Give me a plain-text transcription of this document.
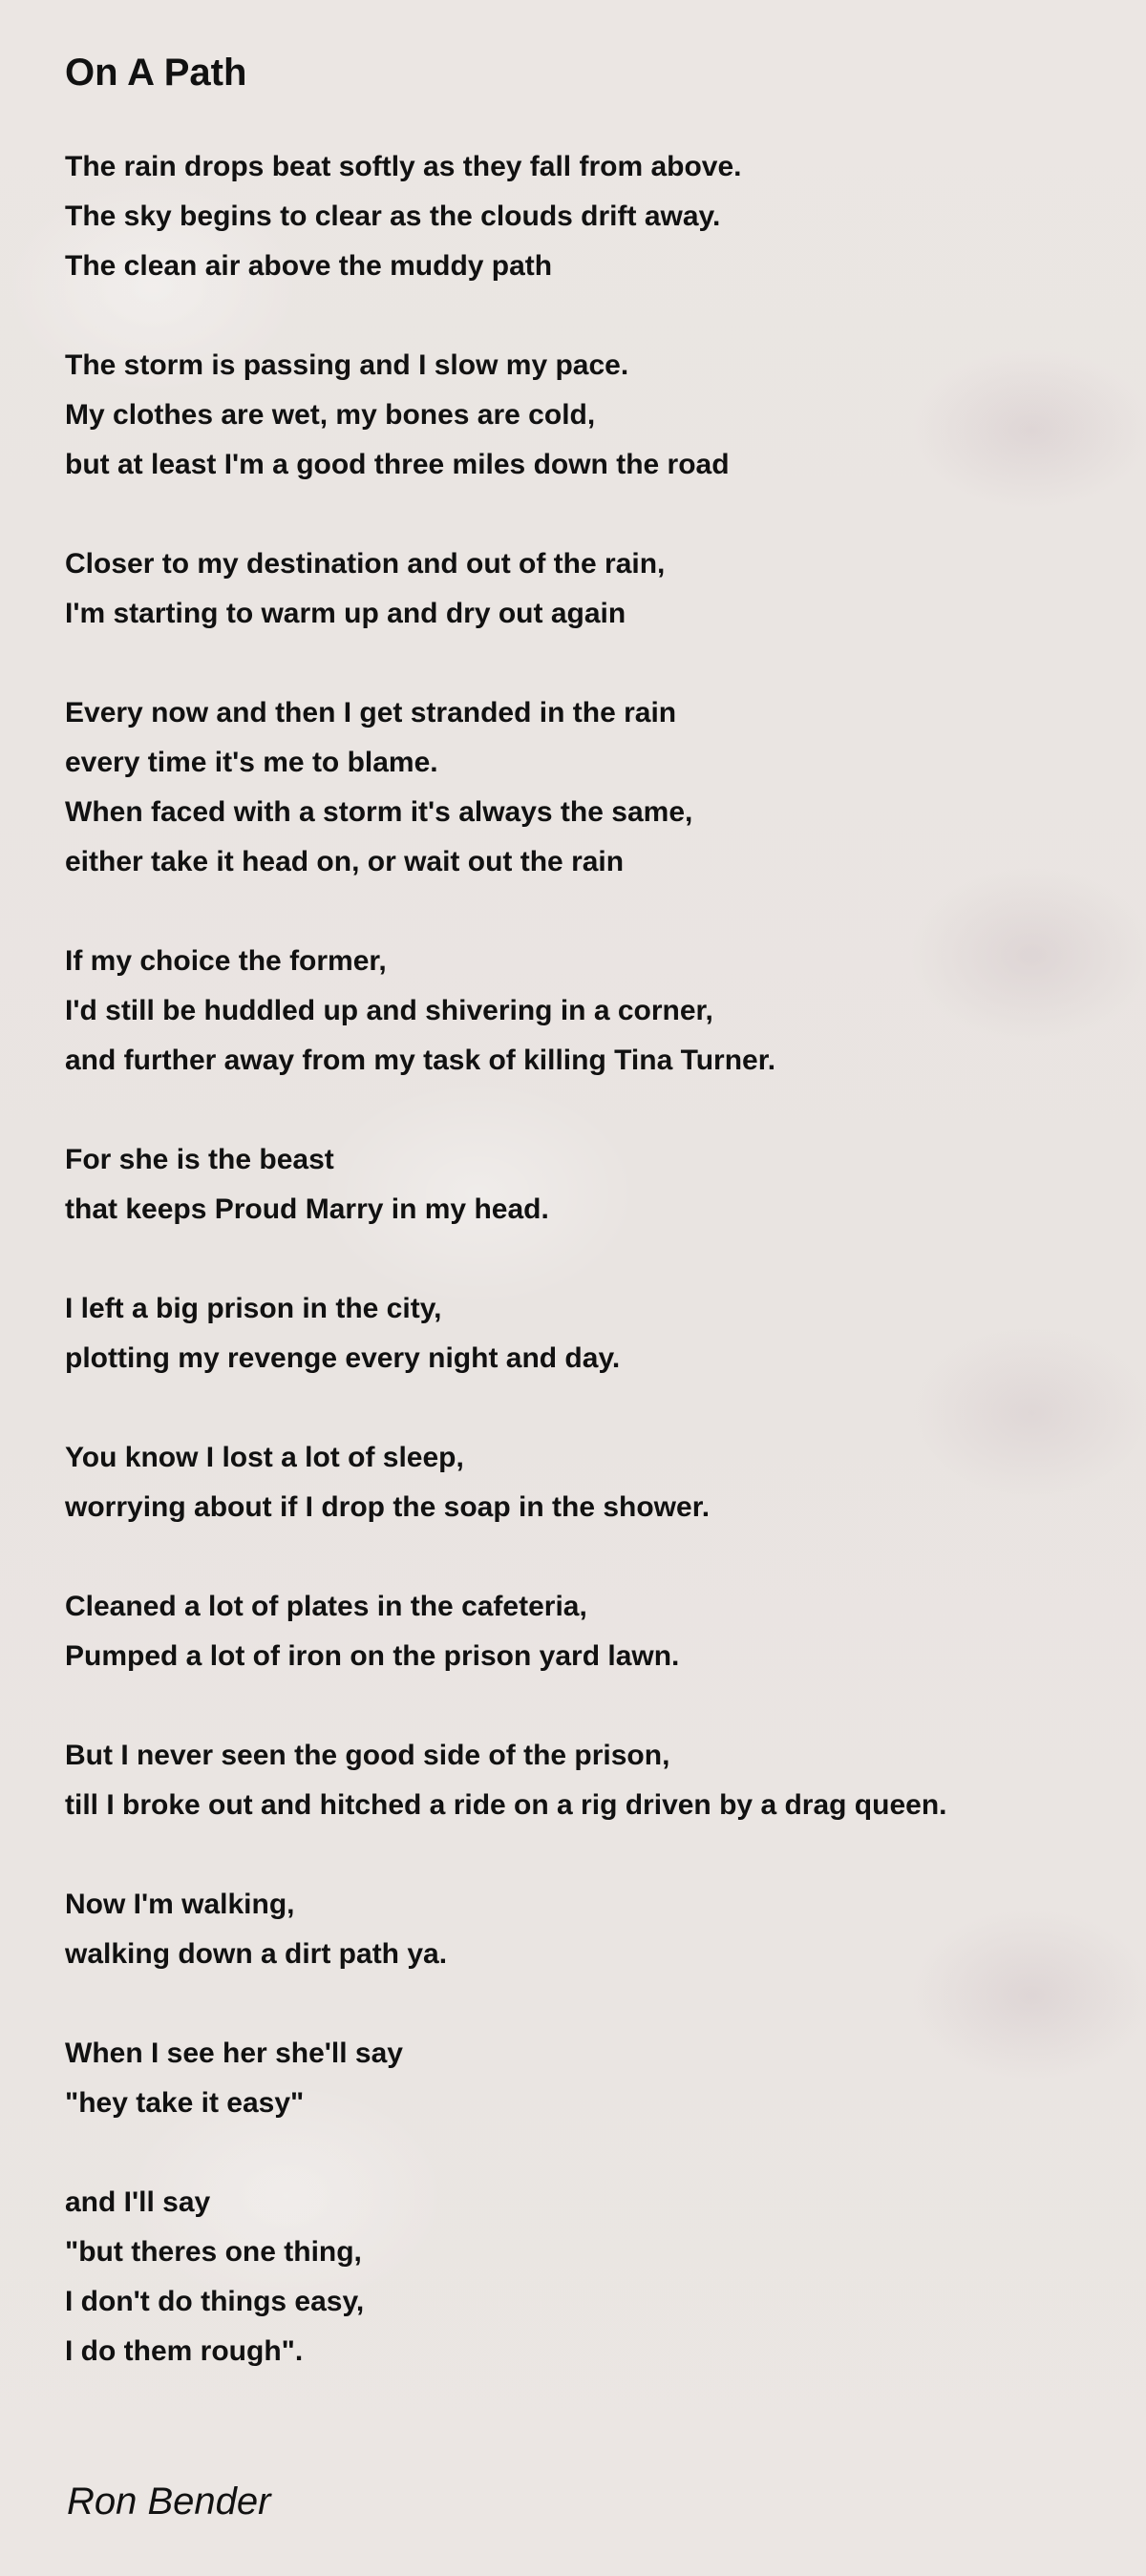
On A Path
The rain drops beat softly as they fall from above.
The sky begins to clear as the clouds drift away.
The clean air above the muddy path
The storm is passing and I slow my pace.
My clothes are wet, my bones are cold,
but at least I'm a good three miles down the road
Closer to my destination and out of the rain,
I'm starting to warm up and dry out again
Every now and then I get stranded in the rain
every time it's me to blame.
When faced with a storm it's always the same,
either take it head on, or wait out the rain
If my choice the former,
I'd still be huddled up and shivering in a corner,
and further away from my task of killing Tina Turner.
For she is the beast
that keeps Proud Marry in my head.
I left a big prison in the city,
plotting my revenge every night and day.
You know I lost a lot of sleep,
worrying about if I drop the soap in the shower.
Cleaned a lot of plates in the cafeteria,
Pumped a lot of iron on the prison yard lawn.
But I never seen the good side of the prison,
till I broke out and hitched a ride on a rig driven by a drag queen.
Now I'm walking,
walking down a dirt path ya.
When I see her she'll say
"hey take it easy"
and I'll say
"but theres one thing,
I don't do things easy,
I do them rough".
Ron Bender
